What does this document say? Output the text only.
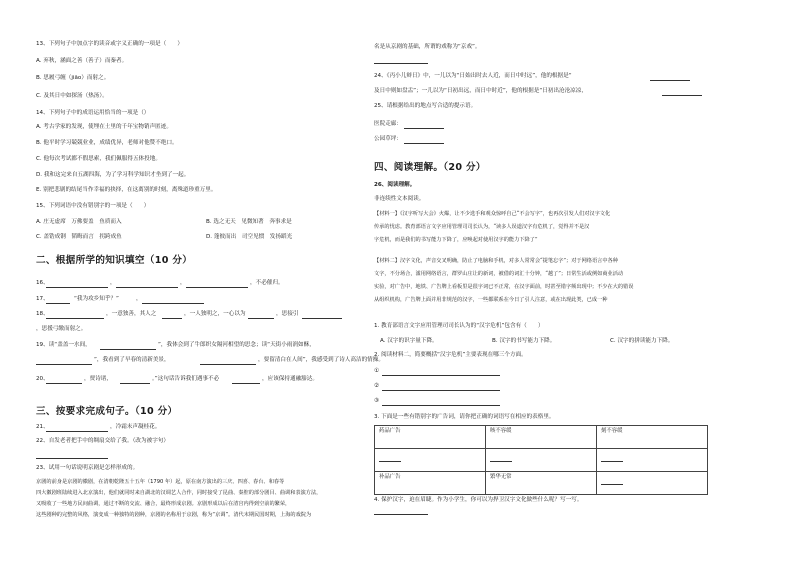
13、下列句子中加点字的读音或字义正确的一项是（　　）
A. 弃秋，涵面之善（善子）而秦者。
B. 思履弓缠（jiāo）而射之。
C. 及其日中如探汤（热汤）。
14、下列句子中的成语运用恰当的一项是（）
A. 考古学家的发现，使埋在土里的千年宝物销声匿迹。
B. 他平时学习兢兢业业，成绩优异，老师对他赞不绝口。
C. 他每次考试都不假思索，我们佩服得五体投地。
D. 我和这完来自五湖四海，为了学习科学知识才坐到了一起。
E. 别把悲剧的结尾当作幸福的抉择，在这离别的时刻，离殊道珍重万里。
15、下列词语中没有错别字的一项是（　　）
A. 庄无虚席　万佛要盖　鱼质而入	B. 选之无天　见微知著　奔事求是
C. 盖锆成钢　韬晦而言　拐跨成鱼	D. 蓬彼而出　司空见惯　发扬蹈光
二、根据所学的知识填空（10 分）
16、	，	，	，不必催归。
17、	“我为攻乡知乎？”	，
18、	，一意独善，其人之	，一人独明之，一心以为	，思接引
，思援弓缴而射之。
19、读“盖盖一水间，	”，我体会到了牛郎织女隔河相望的思念；读“天街小雨润如酥，
”，我看到了早春的清新美景，	，要留清白在人间”，我感受到了诗人高洁的情操。
20、	，贾诗诸，	。”这句话告诉我们遇事不必	，应该保持通融豁达。
三、按要求完成句子。（10 分）
21、	，冷霜未声凝桂花。
22、自发老者把手中的绸扇交给了我。（改为被字句）
23、试用一句话说明京剧是怎样形成的。
京剧的前身是京剧的徽剧，在清朝乾隆五十五年（1790 年）起，原在南方演出的三庆、四喜、春台、和春等
四大徽剧班陆续进入北京演出，他们就同时来自湖北的汉调艺人合作，同时接受了昆曲、秦腔的部分剧目、曲调和表演方法，
又吸收了一些地方民间曲调，通过不断的交流、融合，最终形成京剧。京剧形成以后在清宫内得到空前的繁荣，
这些剧种的完整的风格，演变成一种独特的剧种，京剧的名称用于京剧，称为“京调”。清代末期民国时期，上海的戏院为
名是从京剧的基础，所谓的戏称为“京戏”。
24、《丙小儿辩日》中，一儿以为“日始出时去人近，而日中时远”，他的根据是“
及日中则如盘盂”；一儿以为“日初出远，而日中时近”，他的根据是“日初出沧沧凉凉，
25、请根据给出的地点写合适的提示语。
医院走廊：
公园草坪：
四、阅读理解。（20 分）
26、阅读理解。
非连续性文本阅读。
【材料一】《汉字听写大会》火爆，让不少选手和观众惊呼自己“不会写字”，也再次引发人们对汉字文化
传承的忧虑。教育部语言文字应用管理司司长认为，“读多人误道汉字有危机了，觉得并不是汉
字危机，而是我们的书写能力下降了，应唤起对使用汉字的能力下降了”
【材料二】汉字文化，声音交叉明确，防止了电脑和手机，对多人常常会“提笔忘字”；对于网络语言中各种
文字，不分场合，滥用网络语言，群罗山庄让的新词，被借的词汇十分钟，“越了”；日常生活或例如商业活动
实验，对广告中，地铁、广告牌上看板里是很字词已不正常，在汉字面前，时甚至错字频出现中；不少在大的错误
从组织机构，广告牌上面并用非规范的汉字，一些都联系在今日了引人注意，或在出现此类，已成一种
1. 教育部语言文字应用管理司司长认为的“汉字危机”包含有（　　）
A. 汉字的识字量下降。	B. 汉字的书写能力下降。	C. 汉字的拼读能力下降。
2. 阅读材料二，简要概括“汉字危机”主要表现在哪三个方面。
①
②
③
3. 下面是一些有错别字的广告词，请你把正确的词语写在相应的表格里。
药品广告	咳不容缓	刻不容缓

补品广告	繁华无常	
4. 保护汉字，迫在眉睫。作为小学生，你可以为捍卫汉字文化做些什么呢？写一写。
